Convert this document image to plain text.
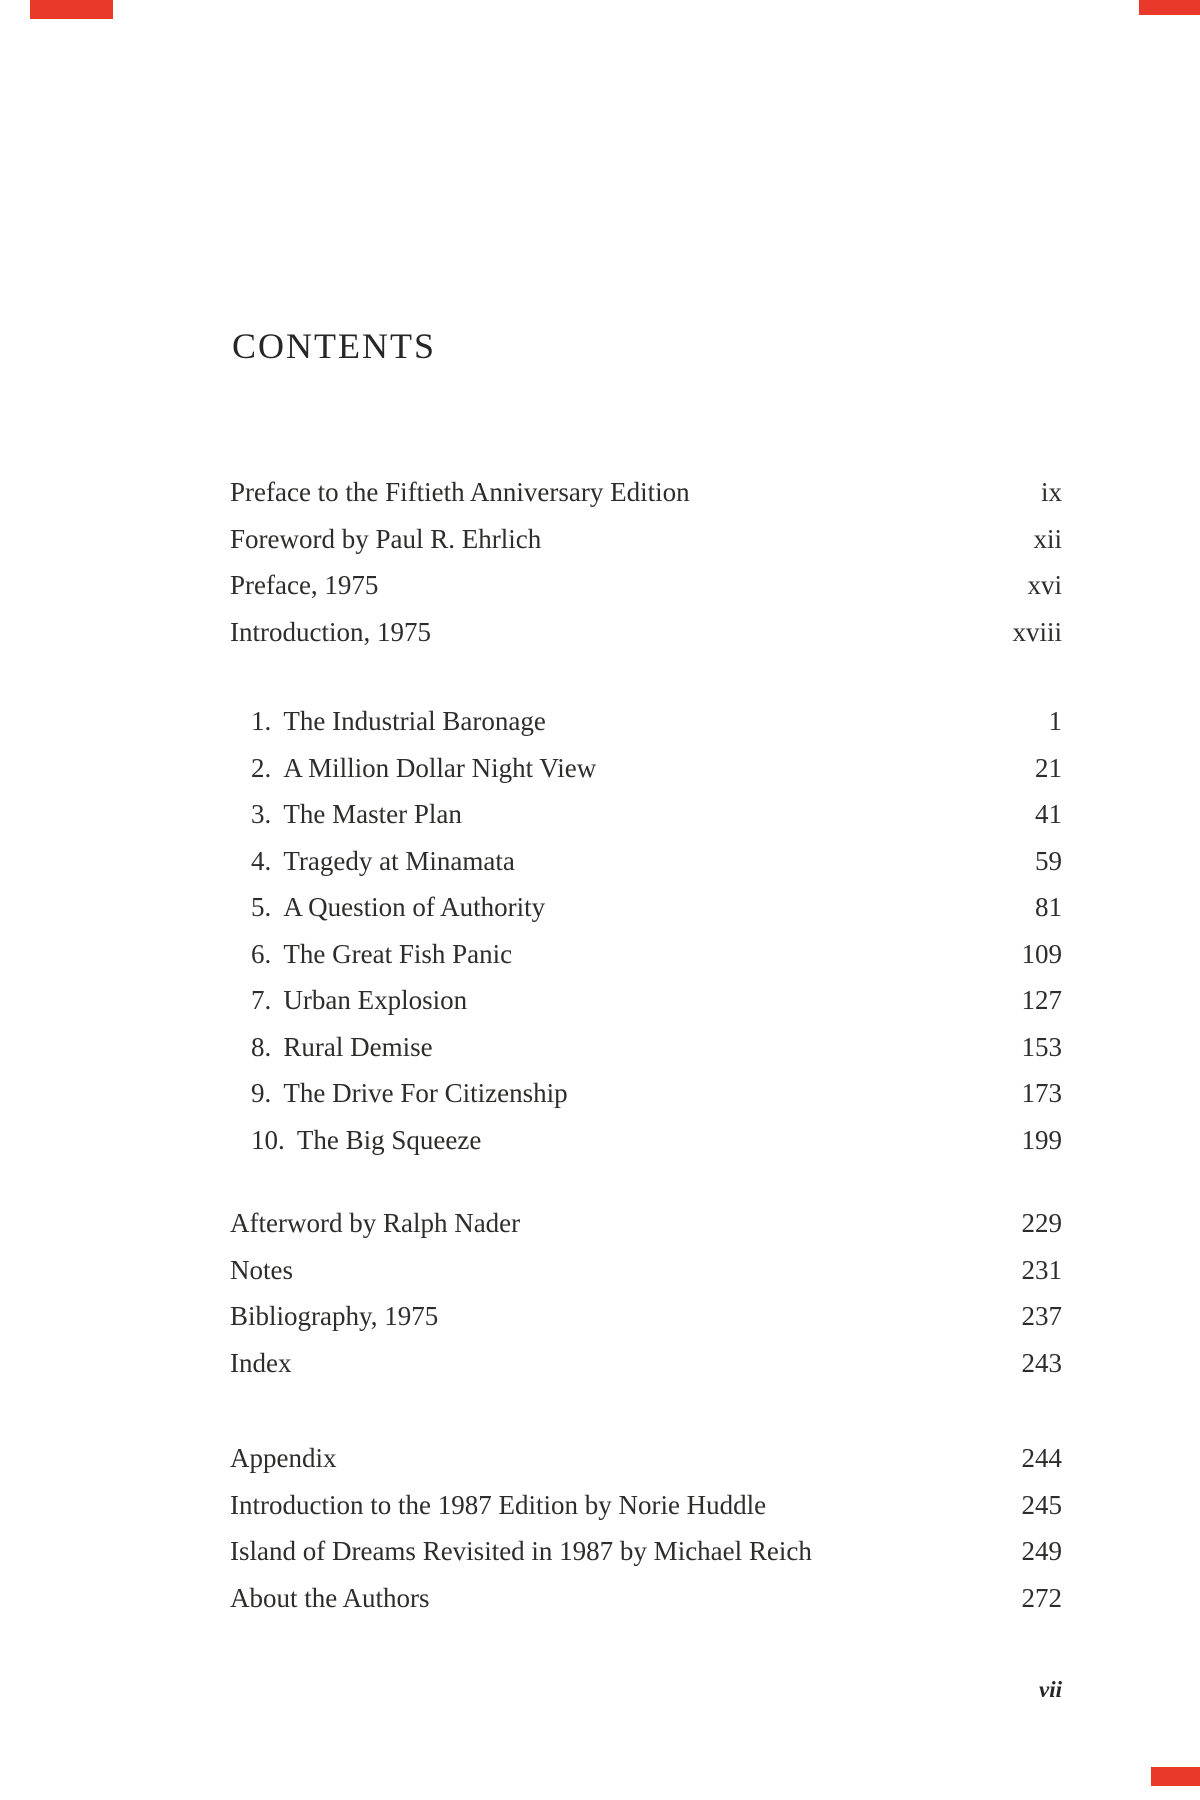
CONTENTS
Preface to the Fiftieth Anniversary Edition	ix
Foreword by Paul R. Ehrlich	xii
Preface, 1975	xvi
Introduction, 1975	xviii
1. The Industrial Baronage	1
2. A Million Dollar Night View	21
3. The Master Plan	41
4. Tragedy at Minamata	59
5. A Question of Authority	81
6. The Great Fish Panic	109
7. Urban Explosion	127
8. Rural Demise	153
9. The Drive For Citizenship	173
10. The Big Squeeze	199
Afterword by Ralph Nader	229
Notes	231
Bibliography, 1975	237
Index	243
Appendix	244
Introduction to the 1987 Edition by Norie Huddle	245
Island of Dreams Revisited in 1987 by Michael Reich	249
About the Authors	272
vii
